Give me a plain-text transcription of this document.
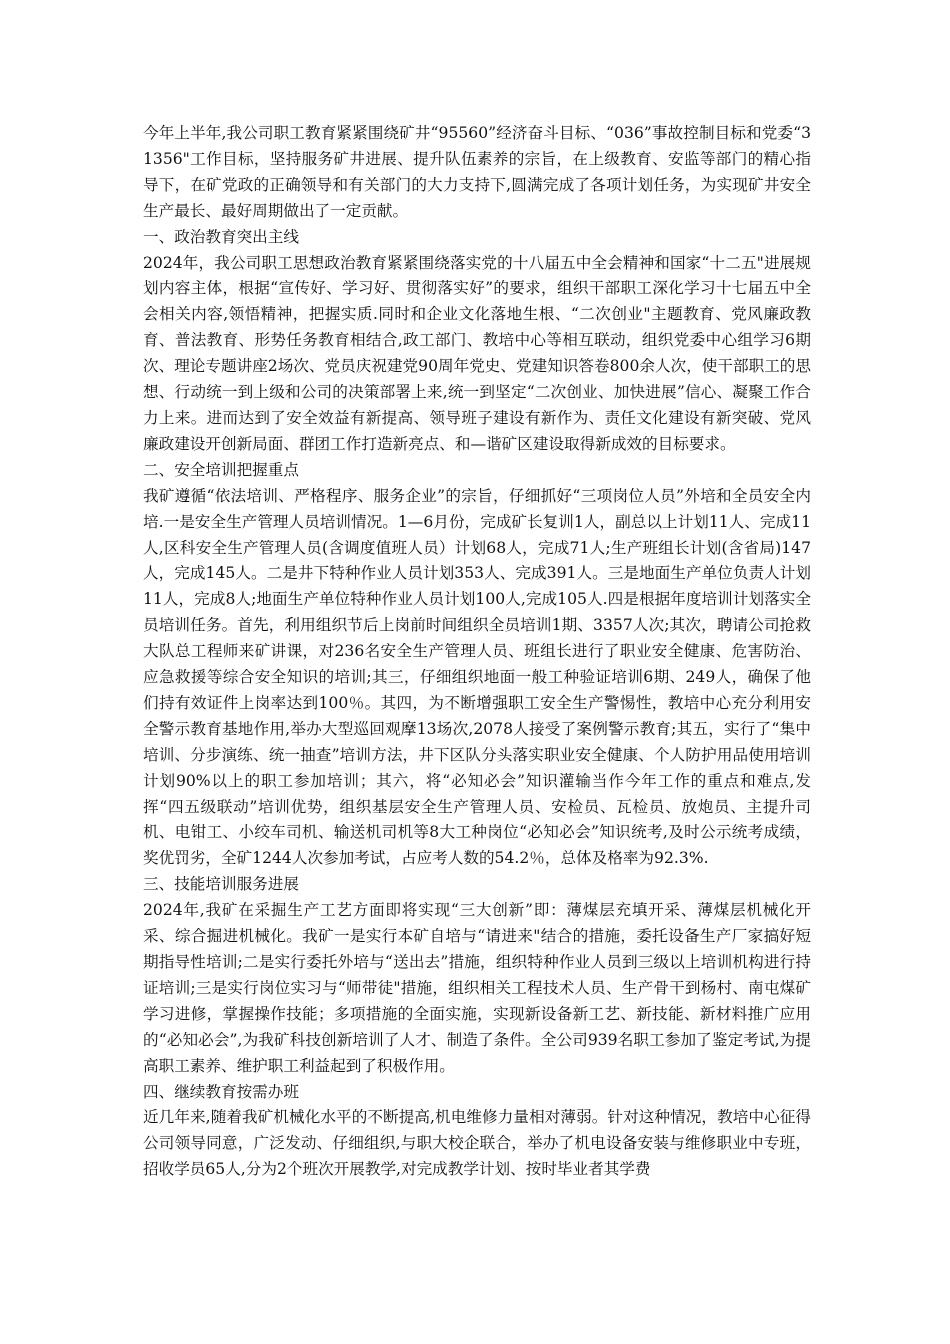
今年上半年,我公司职工教育紧紧围绕矿井“95560”经济奋斗目标、“036”事故控制目标和党委“31356"工作目标，坚持服务矿井进展、提升队伍素养的宗旨，在上级教育、安监等部门的精心指导下，在矿党政的正确领导和有关部门的大力支持下,圆满完成了各项计划任务，为实现矿井安全生产最长、最好周期做出了一定贡献。

一、政治教育突出主线

2024年，我公司职工思想政治教育紧紧围绕落实党的十八届五中全会精神和国家“十二五"进展规划内容主体，根据“宣传好、学习好、贯彻落实好”的要求，组织干部职工深化学习十七届五中全会相关内容,领悟精神，把握实质.同时和企业文化落地生根、“二次创业"主题教育、党风廉政教育、普法教育、形势任务教育相结合,政工部门、教培中心等相互联动，组织党委中心组学习6期次、理论专题讲座2场次、党员庆祝建党90周年党史、党建知识答卷800余人次，使干部职工的思想、行动统一到上级和公司的决策部署上来,统一到坚定“二次创业、加快进展”信心、凝聚工作合力上来。进而达到了安全效益有新提高、领导班子建设有新作为、责任文化建设有新突破、党风廉政建设开创新局面、群团工作打造新亮点、和—谐矿区建设取得新成效的目标要求。

二、安全培训把握重点

我矿遵循“依法培训、严格程序、服务企业”的宗旨，仔细抓好“三项岗位人员”外培和全员安全内培.一是安全生产管理人员培训情况。1—6月份，完成矿长复训1人，副总以上计划11人、完成11人,区科安全生产管理人员(含调度值班人员）计划68人，完成71人;生产班组长计划(含省局)147人，完成145人。二是井下特种作业人员计划353人、完成391人。三是地面生产单位负责人计划11人，完成8人;地面生产单位特种作业人员计划100人,完成105人.四是根据年度培训计划落实全员培训任务。首先，利用组织节后上岗前时间组织全员培训1期、3357人次;其次，聘请公司抢救大队总工程师来矿讲课，对236名安全生产管理人员、班组长进行了职业安全健康、危害防治、应急救援等综合安全知识的培训;其三，仔细组织地面一般工种验证培训6期、249人，确保了他们持有效证件上岗率达到100％。其四，为不断增强职工安全生产警惕性，教培中心充分利用安全警示教育基地作用,举办大型巡回观摩13场次,2078人接受了案例警示教育;其五，实行了“集中培训、分步演练、统一抽查”培训方法，井下区队分头落实职业安全健康、个人防护用品使用培训计划90%以上的职工参加培训；其六，将“必知必会”知识灌输当作今年工作的重点和难点,发挥“四五级联动”培训优势，组织基层安全生产管理人员、安检员、瓦检员、放炮员、主提升司机、电钳工、小绞车司机、输送机司机等8大工种岗位“必知必会”知识统考,及时公示统考成绩，奖优罚劣，全矿1244人次参加考试，占应考人数的54.2％，总体及格率为92.3%.

三、技能培训服务进展

2024年,我矿在采掘生产工艺方面即将实现“三大创新”即：薄煤层充填开采、薄煤层机械化开采、综合掘进机械化。我矿一是实行本矿自培与“请进来"结合的措施，委托设备生产厂家搞好短期指导性培训;二是实行委托外培与“送出去”措施，组织特种作业人员到三级以上培训机构进行持证培训;三是实行岗位实习与“师带徒"措施，组织相关工程技术人员、生产骨干到杨村、南屯煤矿学习进修，掌握操作技能；多项措施的全面实施，实现新设备新工艺、新技能、新材料推广应用的“必知必会”,为我矿科技创新培训了人才、制造了条件。全公司939名职工参加了鉴定考试,为提高职工素养、维护职工利益起到了积极作用。

四、继续教育按需办班

近几年来,随着我矿机械化水平的不断提高,机电维修力量相对薄弱。针对这种情况，教培中心征得公司领导同意，广泛发动、仔细组织,与职大校企联合，举办了机电设备安装与维修职业中专班，招收学员65人,分为2个班次开展教学,对完成教学计划、按时毕业者其学费
